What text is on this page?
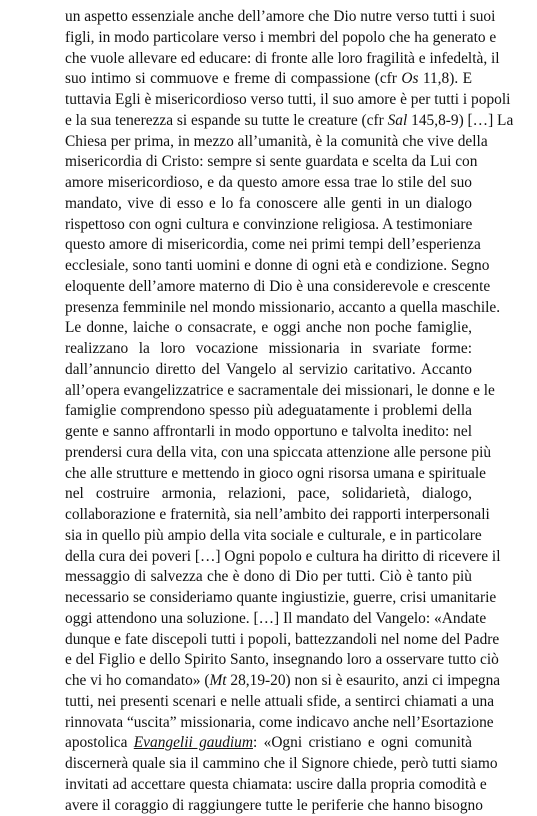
un aspetto essenziale anche dell’amore che Dio nutre verso tutti i suoi
figli, in modo particolare verso i membri del popolo che ha generato e
che vuole allevare ed educare: di fronte alle loro fragilità e infedeltà, il
suo intimo si commuove e freme di compassione (cfr Os 11,8). E
tuttavia Egli è misericordioso verso tutti, il suo amore è per tutti i popoli
e la sua tenerezza si espande su tutte le creature (cfr Sal 145,8-9) […] La
Chiesa per prima, in mezzo all’umanità, è la comunità che vive della
misericordia di Cristo: sempre si sente guardata e scelta da Lui con
amore misericordioso, e da questo amore essa trae lo stile del suo
mandato, vive di esso e lo fa conoscere alle genti in un dialogo
rispettoso con ogni cultura e convinzione religiosa. A testimoniare
questo amore di misericordia, come nei primi tempi dell’esperienza
ecclesiale, sono tanti uomini e donne di ogni età e condizione. Segno
eloquente dell’amore materno di Dio è una considerevole e crescente
presenza femminile nel mondo missionario, accanto a quella maschile.
Le donne, laiche o consacrate, e oggi anche non poche famiglie,
realizzano la loro vocazione missionaria in svariate forme:
dall’annuncio diretto del Vangelo al servizio caritativo. Accanto
all’opera evangelizzatrice e sacramentale dei missionari, le donne e le
famiglie comprendono spesso più adeguatamente i problemi della
gente e sanno affrontarli in modo opportuno e talvolta inedito: nel
prendersi cura della vita, con una spiccata attenzione alle persone più
che alle strutture e mettendo in gioco ogni risorsa umana e spirituale
nel costruire armonia, relazioni, pace, solidarietà, dialogo,
collaborazione e fraternità, sia nell’ambito dei rapporti interpersonali
sia in quello più ampio della vita sociale e culturale, e in particolare
della cura dei poveri […] Ogni popolo e cultura ha diritto di ricevere il
messaggio di salvezza che è dono di Dio per tutti. Ciò è tanto più
necessario se consideriamo quante ingiustizie, guerre, crisi umanitarie
oggi attendono una soluzione. […] Il mandato del Vangelo: «Andate
dunque e fate discepoli tutti i popoli, battezzandoli nel nome del Padre
e del Figlio e dello Spirito Santo, insegnando loro a osservare tutto ciò
che vi ho comandato» (Mt 28,19-20) non si è esaurito, anzi ci impegna
tutti, nei presenti scenari e nelle attuali sfide, a sentirci chiamati a una
rinnovata “uscita” missionaria, come indicavo anche nell’Esortazione
apostolica Evangelii gaudium: «Ogni cristiano e ogni comunità
discernerà quale sia il cammino che il Signore chiede, però tutti siamo
invitati ad accettare questa chiamata: uscire dalla propria comodità e
avere il coraggio di raggiungere tutte le periferie che hanno bisogno
